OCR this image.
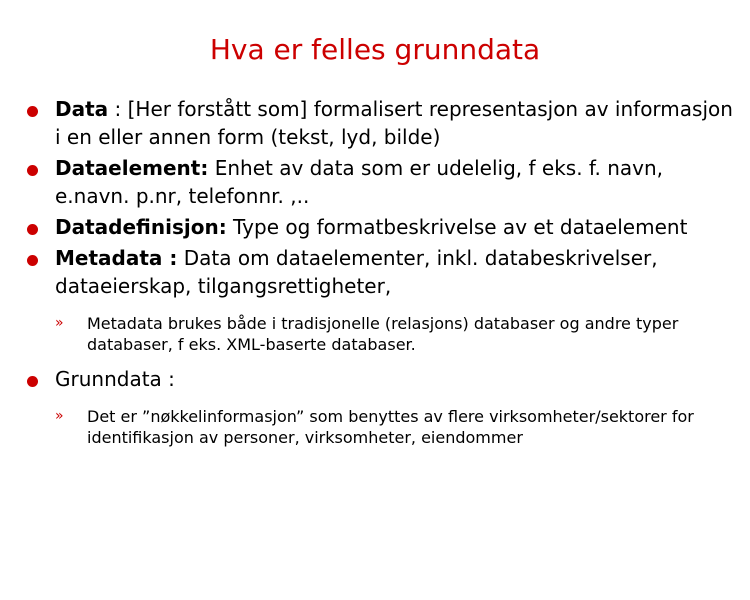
Hva er felles grunndata
Data : [Her forstått som] formalisert representasjon av informasjon i en eller annen form (tekst, lyd, bilde)
Dataelement: Enhet av data som er udelelig, f eks. f. navn, e.navn. p.nr, telefonnr. ,..
Datadefinisjon: Type og formatbeskrivelse av et dataelement
Metadata : Data om dataelementer, inkl. databeskrivelser, dataeierskap, tilgangsrettigheter,
» Metadata brukes både i tradisjonelle (relasjons) databaser og andre typer databaser, f eks. XML-baserte databaser.
Grunndata :
» Det er ”nøkkelinformasjon” som benyttes av flere virksomheter/sektorer for identifikasjon av personer, virksomheter, eiendommer
